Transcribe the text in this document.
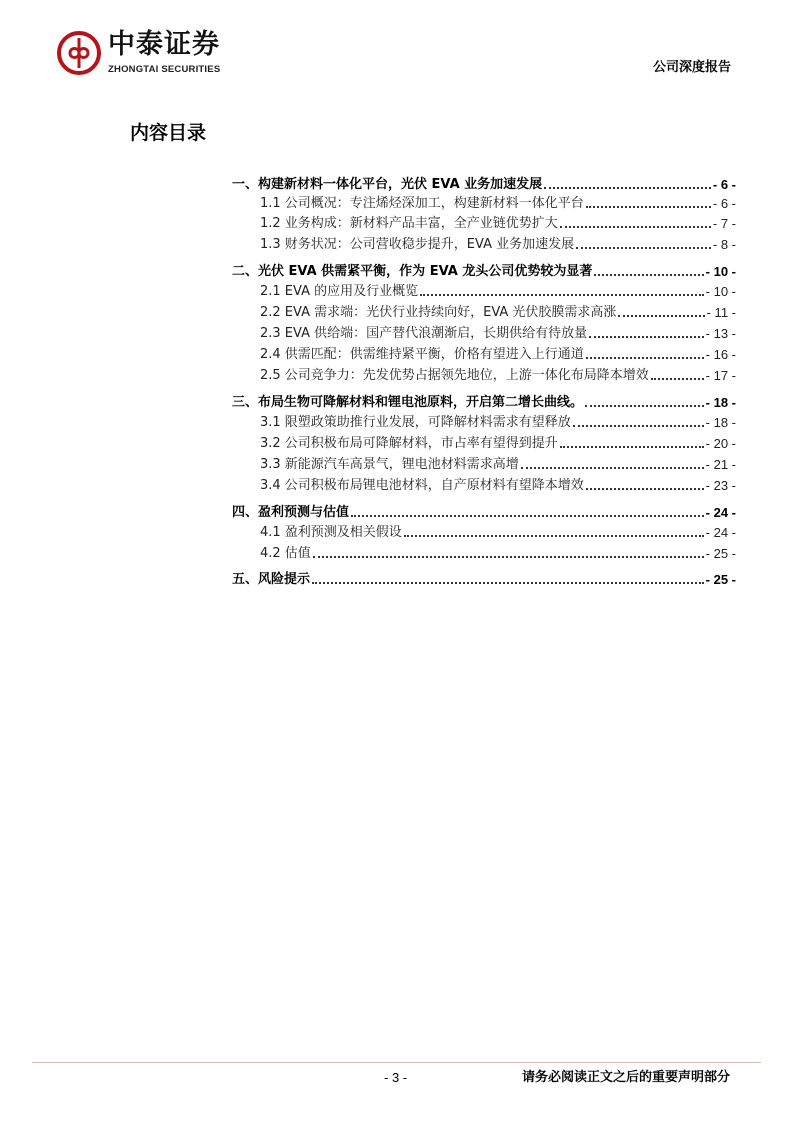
中泰证券
ZHONGTAI SECURITIES	公司深度报告
内容目录
一、构建新材料一体化平台，光伏 EVA 业务加速发展	- 6 -
1.1 公司概况：专注烯烃深加工，构建新材料一体化平台	- 6 -
1.2 业务构成：新材料产品丰富，全产业链优势扩大	- 7 -
1.3 财务状况：公司营收稳步提升，EVA 业务加速发展	- 8 -
二、光伏 EVA 供需紧平衡，作为 EVA 龙头公司优势较为显著	- 10 -
2.1 EVA 的应用及行业概览	- 10 -
2.2 EVA 需求端：光伏行业持续向好，EVA 光伏胶膜需求高涨	- 11 -
2.3 EVA 供给端：国产替代浪潮渐启，长期供给有待放量	- 13 -
2.4 供需匹配：供需维持紧平衡，价格有望进入上行通道	- 16 -
2.5 公司竞争力：先发优势占据领先地位，上游一体化布局降本增效	- 17 -
三、布局生物可降解材料和锂电池原料，开启第二增长曲线。	- 18 -
3.1 限塑政策助推行业发展，可降解材料需求有望释放	- 18 -
3.2 公司积极布局可降解材料，市占率有望得到提升	- 20 -
3.3 新能源汽车高景气，锂电池材料需求高增	- 21 -
3.4 公司积极布局锂电池材料，自产原材料有望降本增效	- 23 -
四、盈利预测与估值	- 24 -
4.1 盈利预测及相关假设	- 24 -
4.2 估值	- 25 -
五、风险提示	- 25 -
- 3 -	请务必阅读正文之后的重要声明部分
